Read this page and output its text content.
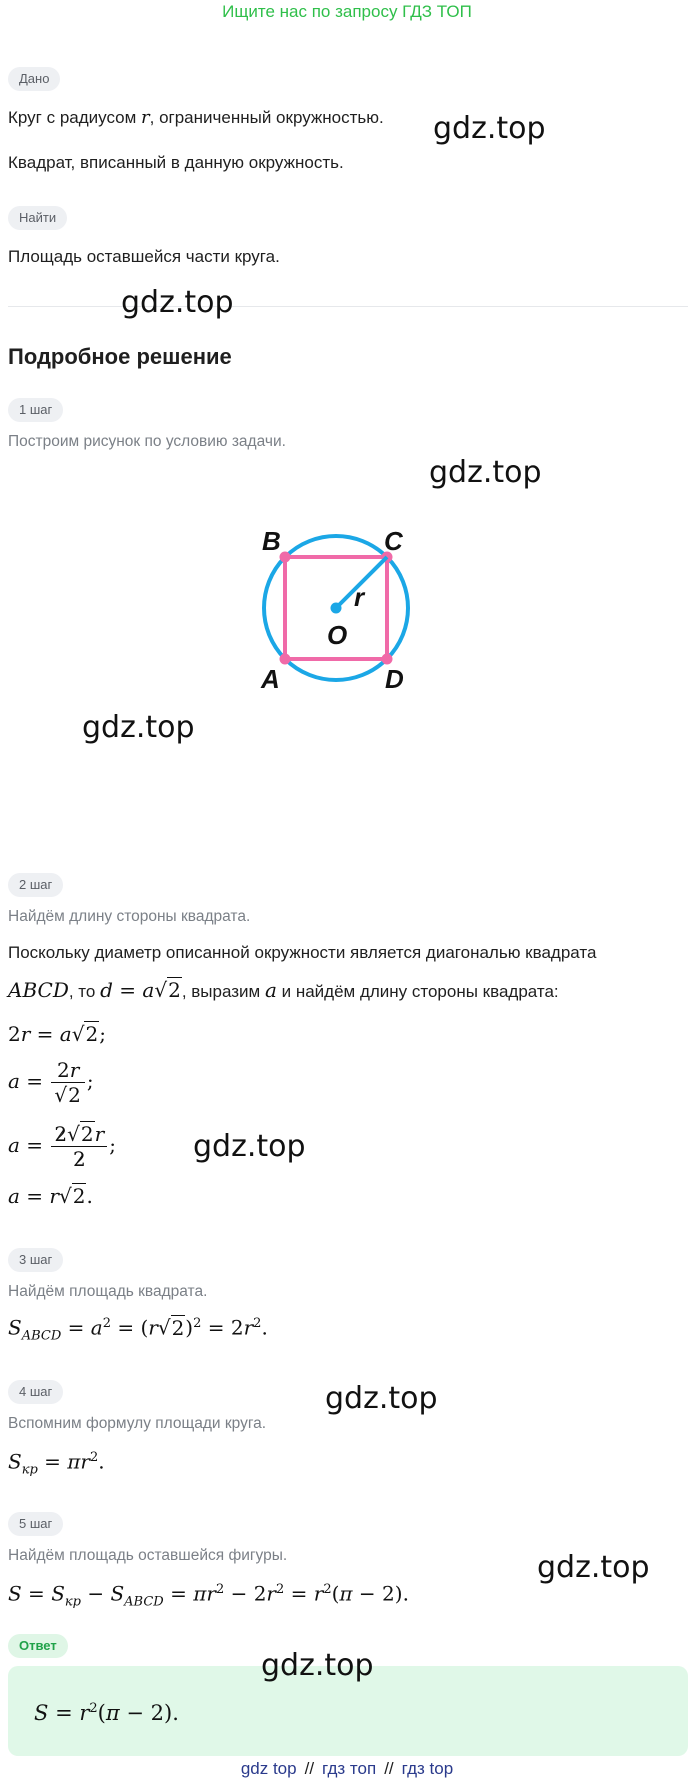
Ищите нас по запросу ГДЗ ТОП
Дано
Круг с радиусом r, ограниченный окружностью.
Квадрат, вписанный в данную окружность.
Найти
Площадь оставшейся части круга.
Подробное решение
1 шаг
Построим рисунок по условию задачи.
B	C
A	D
O
r
2 шаг
Найдём длину стороны квадрата.
Поскольку диаметр описанной окружности является диагональю квадрата
ABCD, то d = a√2, выразим a и найдём длину стороны квадрата:
2r = a√2;
$a = \frac{2r}{√2}$ ;
$a = \frac{2√2r}{2}$ ;
a = r√2.
3 шаг
Найдём площадь квадрата.
$S_{ABCD} = a^2 = (r√2)^2 = 2r^2$.
4 шаг
Вспомним формулу площади круга.
$S_{кр} = \pi r^2$.
5 шаг
Найдём площадь оставшейся фигуры.
$S = S_{кр} - S_{ABCD} = \pi r^2 - 2r^2 = r^2(\pi - 2)$.
Ответ
$S = r^2(\pi - 2)$.
gdz.top
gdz.top
gdz.top
gdz.top
gdz.top
gdz.top
gdz.top
gdz.top
gdz top // гдз топ // гдз top
